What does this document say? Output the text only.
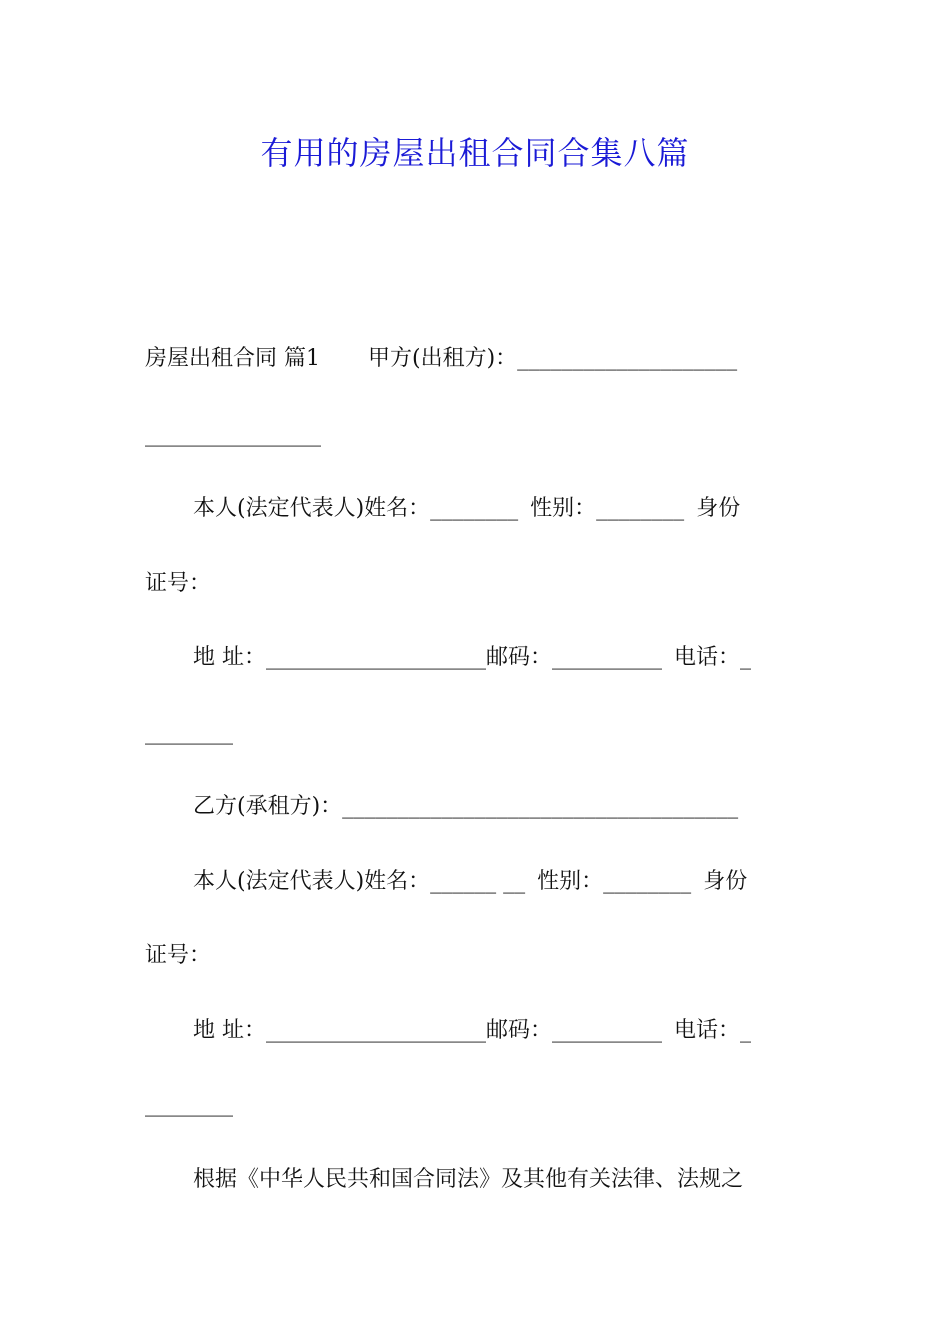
有用的房屋出租合同合集八篇
房屋出租合同 篇1 甲方(出租方)：____________________
________________
本人(法定代表人)姓名：________ 性别：________ 身份
证号：
地 址：____________________邮码：__________ 电话：_
________
乙方(承租方)：____________________________________
本人(法定代表人)姓名：______ __ 性别：________ 身份
证号：
地 址：____________________邮码：__________ 电话：_
________
根据《中华人民共和国合同法》及其他有关法律、法规之
